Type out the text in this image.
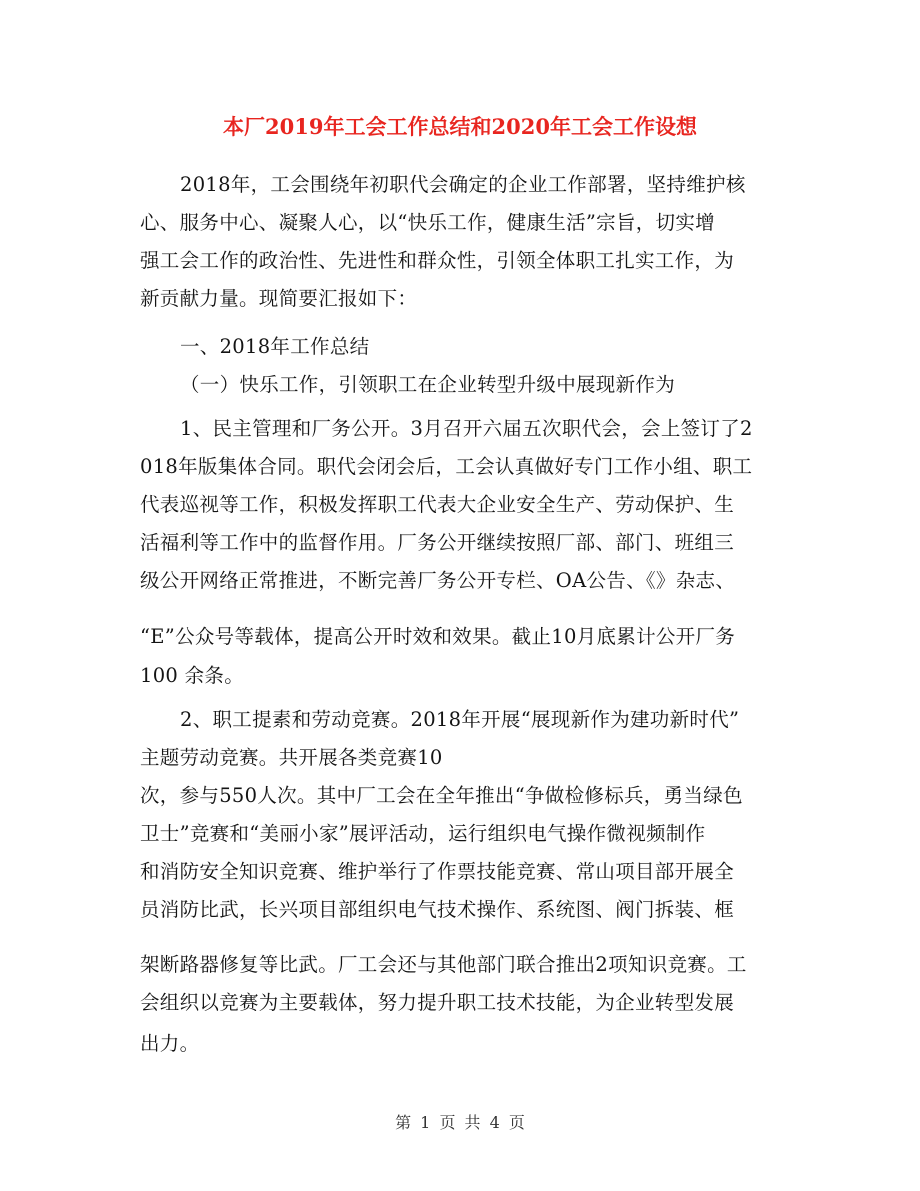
本厂2019年工会工作总结和2020年工会工作设想
2018年，工会围绕年初职代会确定的企业工作部署，坚持维护核
心、服务中心、凝聚人心，以“快乐工作，健康生活”宗旨，切实增
强工会工作的政治性、先进性和群众性，引领全体职工扎实工作，为
新贡献力量。现简要汇报如下：
一、2018年工作总结
（一）快乐工作，引领职工在企业转型升级中展现新作为
1、民主管理和厂务公开。3月召开六届五次职代会，会上签订了2
018年版集体合同。职代会闭会后，工会认真做好专门工作小组、职工
代表巡视等工作，积极发挥职工代表大企业安全生产、劳动保护、生
活福利等工作中的监督作用。厂务公开继续按照厂部、部门、班组三
级公开网络正常推进，不断完善厂务公开专栏、OA公告、《》杂志、
“E”公众号等载体，提高公开时效和效果。截止10月底累计公开厂务
100 余条。
2、职工提素和劳动竞赛。2018年开展“展现新作为建功新时代”
主题劳动竞赛。共开展各类竞赛10
次，参与550人次。其中厂工会在全年推出“争做检修标兵，勇当绿色
卫士”竞赛和“美丽小家”展评活动，运行组织电气操作微视频制作
和消防安全知识竞赛、维护举行了作票技能竞赛、常山项目部开展全
员消防比武，长兴项目部组织电气技术操作、系统图、阀门拆装、框
架断路器修复等比武。厂工会还与其他部门联合推出2项知识竞赛。工
会组织以竞赛为主要载体，努力提升职工技术技能，为企业转型发展
出力。
第 1 页 共 4 页
